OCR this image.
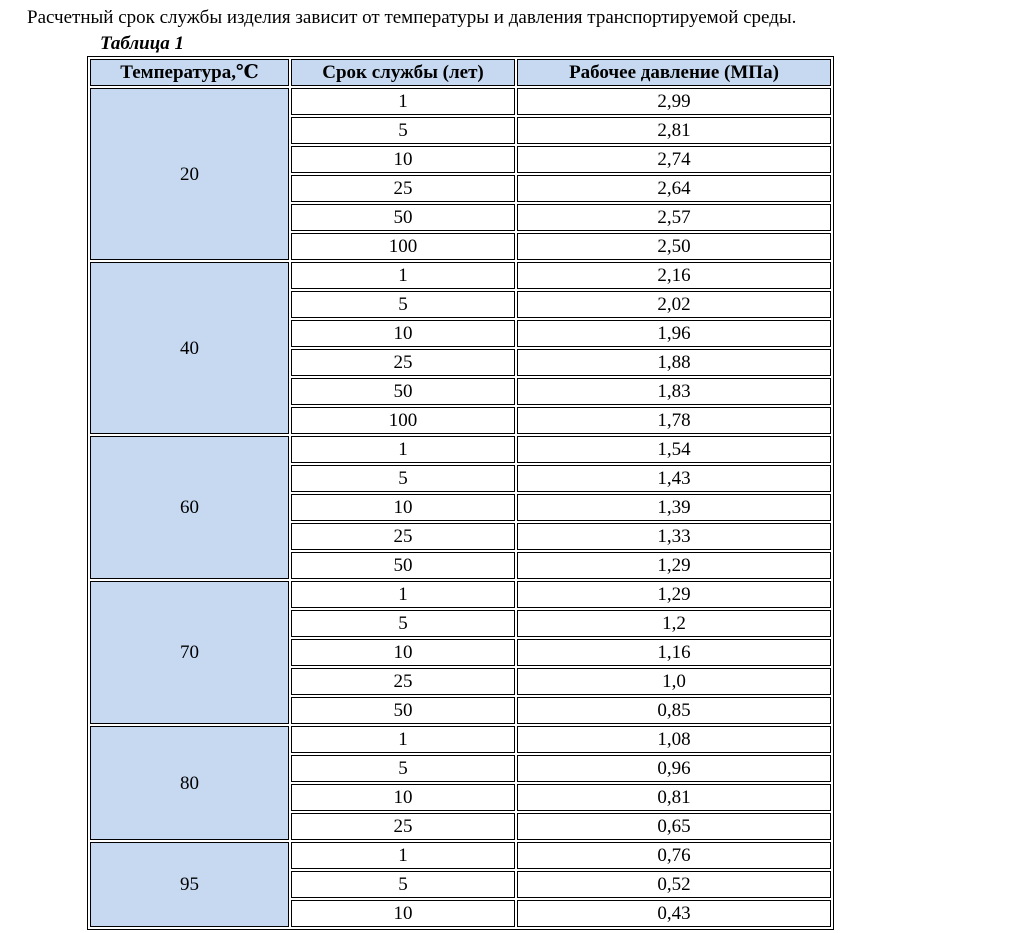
Расчетный срок службы изделия зависит от температуры и давления транспортируемой среды.
Таблица 1
Температура,℃	Срок службы (лет)	Рабочее давление (МПа)
20	1	2,99
	5	2,81
	10	2,74
	25	2,64
	50	2,57
	100	2,50
40	1	2,16
	5	2,02
	10	1,96
	25	1,88
	50	1,83
	100	1,78
60	1	1,54
	5	1,43
	10	1,39
	25	1,33
	50	1,29
70	1	1,29
	5	1,2
	10	1,16
	25	1,0
	50	0,85
80	1	1,08
	5	0,96
	10	0,81
	25	0,65
95	1	0,76
	5	0,52
	10	0,43
